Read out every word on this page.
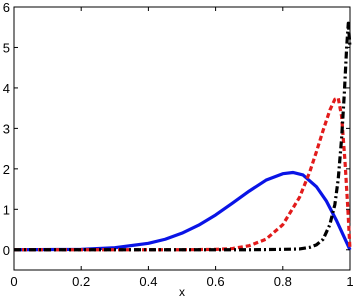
0	0.2	0.4	0.6	0.8	1
0
1
2
3
4
5
6
x
